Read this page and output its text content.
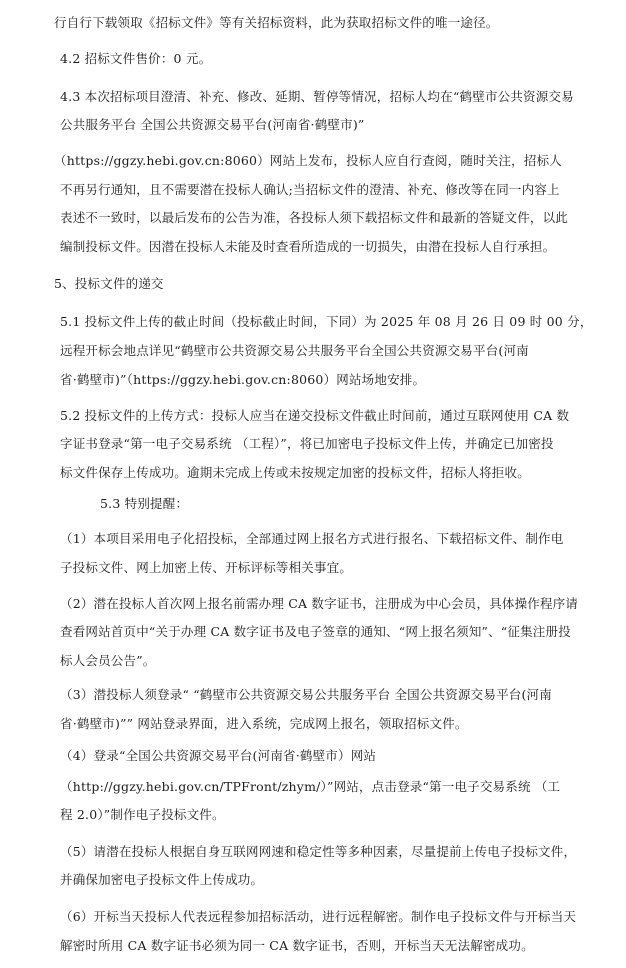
行自行下载领取《招标文件》等有关招标资料，此为获取招标文件的唯一途径。
4.2 招标文件售价：0 元。
4.3 本次招标项目澄清、补充、修改、延期、暂停等情况，招标人均在“鹤壁市公共资源交易
公共服务平台 全国公共资源交易平台(河南省·鹤壁市)”
（https://ggzy.hebi.gov.cn:8060）网站上发布，投标人应自行查阅，随时关注，招标人
不再另行通知，且不需要潜在投标人确认;当招标文件的澄清、补充、修改等在同一内容上
表述不一致时，以最后发布的公告为准，各投标人须下载招标文件和最新的答疑文件，以此
编制投标文件。因潜在投标人未能及时查看所造成的一切损失，由潜在投标人自行承担。
5、投标文件的递交
5.1 投标文件上传的截止时间（投标截止时间，下同）为 2025 年 08 月 26 日 09 时 00 分，
远程开标会地点详见“鹤壁市公共资源交易公共服务平台全国公共资源交易平台(河南
省·鹤壁市)”（https://ggzy.hebi.gov.cn:8060）网站场地安排。
5.2 投标文件的上传方式：投标人应当在递交投标文件截止时间前，通过互联网使用 CA 数
字证书登录“第一电子交易系统 （工程）”，将已加密电子投标文件上传，并确定已加密投
标文件保存上传成功。逾期未完成上传或未按规定加密的投标文件，招标人将拒收。
5.3 特别提醒：
（1）本项目采用电子化招投标，全部通过网上报名方式进行报名、下载招标文件、制作电
子投标文件、网上加密上传、开标评标等相关事宜。
（2）潜在投标人首次网上报名前需办理 CA 数字证书，注册成为中心会员，具体操作程序请
查看网站首页中“关于办理 CA 数字证书及电子签章的通知、“网上报名须知”、“征集注册投
标人会员公告”。
（3）潜投标人须登录“ “鹤壁市公共资源交易公共服务平台 全国公共资源交易平台(河南
省·鹤壁市)”” 网站登录界面，进入系统，完成网上报名，领取招标文件。
（4）登录“全国公共资源交易平台(河南省·鹤壁市）网站
（http://ggzy.hebi.gov.cn/TPFront/zhym/）”网站，点击登录“第一电子交易系统 （工
程 2.0）”制作电子投标文件。
（5）请潜在投标人根据自身互联网网速和稳定性等多种因素，尽量提前上传电子投标文件，
并确保加密电子投标文件上传成功。
（6）开标当天投标人代表远程参加招标活动，进行远程解密。制作电子投标文件与开标当天
解密时所用 CA 数字证书必须为同一 CA 数字证书，否则，开标当天无法解密成功。
